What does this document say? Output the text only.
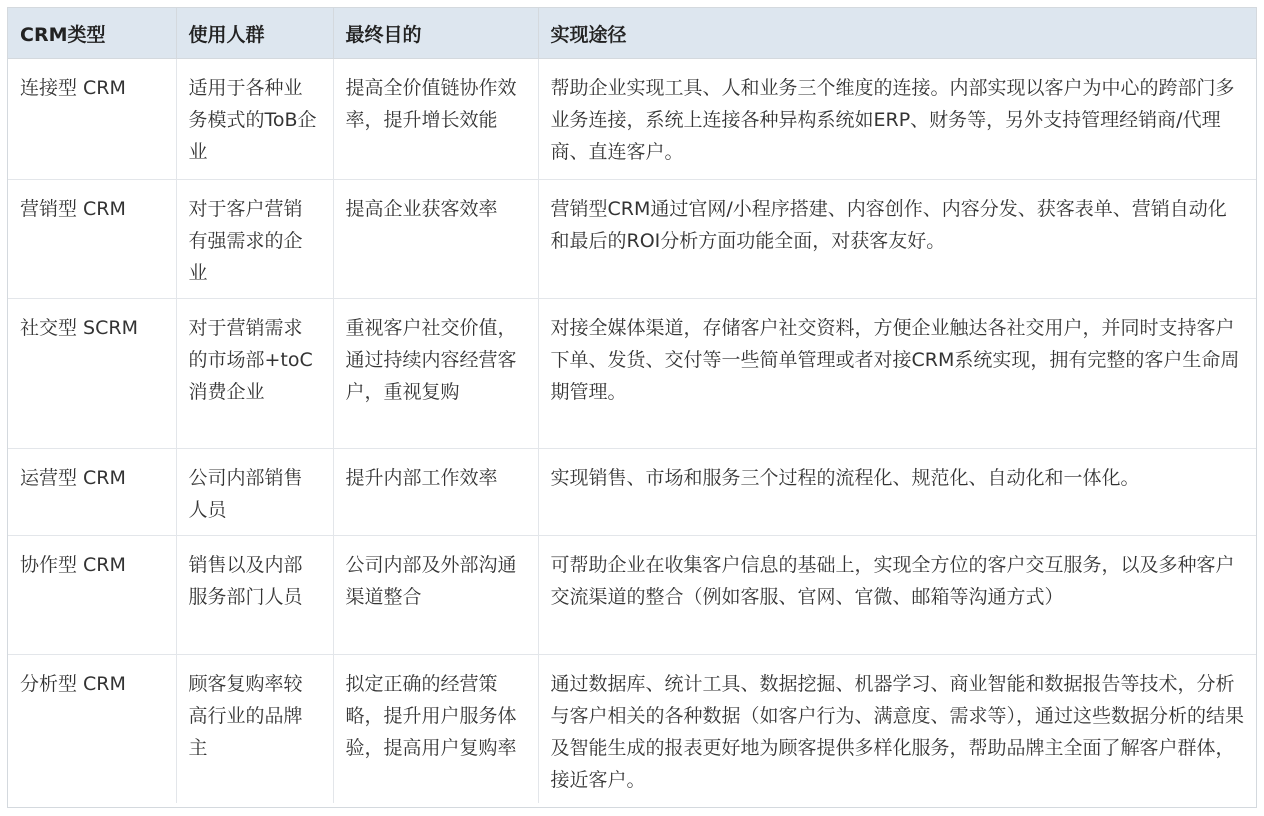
CRM类型	使用人群	最终目的	实现途径
连接型 CRM	适用于各种业务模式的ToB企业	提高全价值链协作效率，提升增长效能	帮助企业实现工具、人和业务三个维度的连接。内部实现以客户为中心的跨部门多业务连接，系统上连接各种异构系统如ERP、财务等，另外支持管理经销商/代理商、直连客户。
营销型 CRM	对于客户营销有强需求的企业	提高企业获客效率	营销型CRM通过官网/小程序搭建、内容创作、内容分发、获客表单、营销自动化和最后的ROI分析方面功能全面，对获客友好。
社交型 SCRM	对于营销需求的市场部+toC消费企业	重视客户社交价值，通过持续内容经营客户，重视复购	对接全媒体渠道，存储客户社交资料，方便企业触达各社交用户，并同时支持客户下单、发货、交付等一些简单管理或者对接CRM系统实现，拥有完整的客户生命周期管理。
运营型 CRM	公司内部销售人员	提升内部工作效率	实现销售、市场和服务三个过程的流程化、规范化、自动化和一体化。
协作型 CRM	销售以及内部服务部门人员	公司内部及外部沟通渠道整合	可帮助企业在收集客户信息的基础上，实现全方位的客户交互服务，以及多种客户交流渠道的整合（例如客服、官网、官微、邮箱等沟通方式）
分析型 CRM	顾客复购率较高行业的品牌主	拟定正确的经营策略，提升用户服务体验，提高用户复购率	通过数据库、统计工具、数据挖掘、机器学习、商业智能和数据报告等技术，分析与客户相关的各种数据（如客户行为、满意度、需求等），通过这些数据分析的结果及智能生成的报表更好地为顾客提供多样化服务，帮助品牌主全面了解客户群体，接近客户。
